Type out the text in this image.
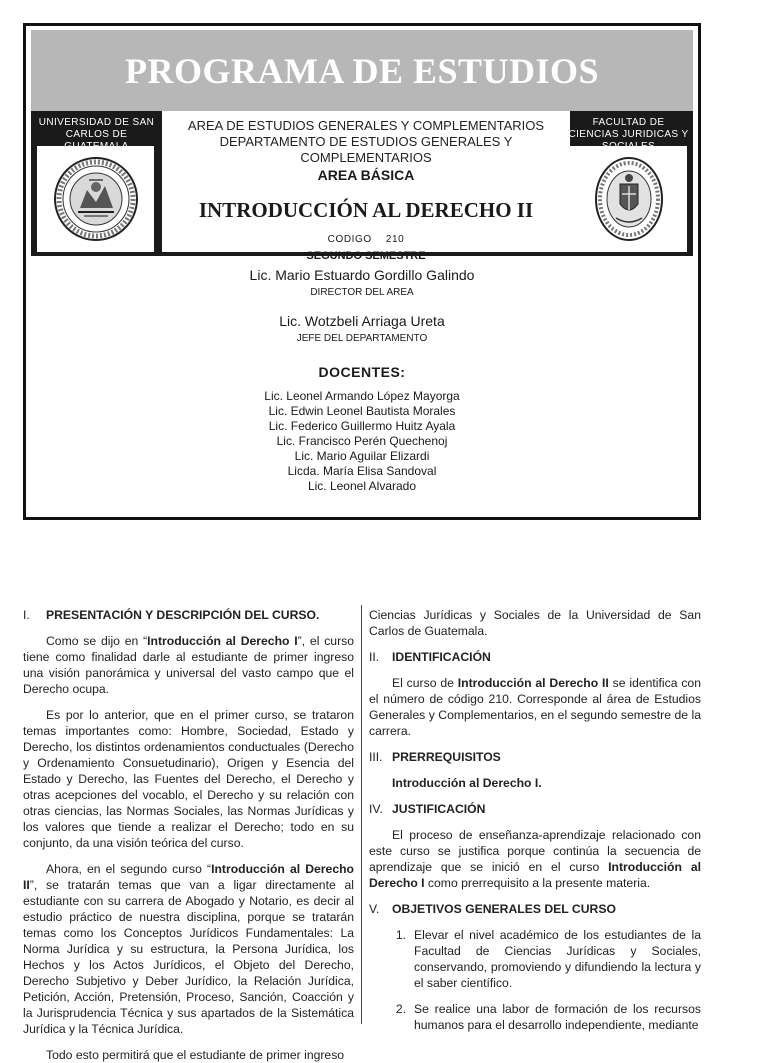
PROGRAMA DE ESTUDIOS
UNIVERSIDAD DE SAN CARLOS DE
AREA DE ESTUDIOS GENERALES Y COMPLEMENTARIOS
DEPARTAMENTO DE ESTUDIOS GENERALES Y COMPLEMENTARIOS
AREA BÁSICA
INTRODUCCIÓN AL DERECHO II
CODIGO 210
SEGUNDO SEMESTRE
FACULTAD DE CIENCIAS JURIDICAS Y
Lic. Mario Estuardo Gordillo Galindo
DIRECTOR DEL AREA
Lic. Wotzbeli Arriaga Ureta
JEFE DEL DEPARTAMENTO
DOCENTES:
Lic. Leonel Armando López Mayorga
Lic. Edwin Leonel Bautista Morales
Lic. Federico Guillermo Huitz Ayala
Lic. Francisco Perén Quechenoj
Lic. Mario Aguilar Elizardi
Licda. María Elisa Sandoval
Lic. Leonel Alvarado
I.	PRESENTACIÓN Y DESCRIPCIÓN DEL CURSO.

Como se dijo en “Introducción al Derecho I”, el curso tiene como finalidad darle al estudiante de primer ingreso una visión panorámica y universal del vasto campo que el Derecho ocupa.

Es por lo anterior, que en el primer curso, se trataron temas importantes como: Hombre, Sociedad, Estado y Derecho, los distintos ordenamientos conductuales (Derecho y Ordenamiento Consuetudinario), Origen y Esencia del Estado y Derecho, las Fuentes del Derecho, el Derecho y otras acepciones del vocablo, el Derecho y su relación con otras ciencias, las Normas Sociales, las Normas Jurídicas y los valores que tiende a realizar el Derecho; todo en su conjunto, da una visión teórica del curso.

Ahora, en el segundo curso “Introducción al Derecho II”, se tratarán temas que van a ligar directamente al estudiante con su carrera de Abogado y Notario, es decir al estudio práctico de nuestra disciplina, porque se tratarán temas como los Conceptos Jurídicos Fundamentales: La Norma Jurídica y su estructura, la Persona Jurídica, los Hechos y los Actos Jurídicos, el Objeto del Derecho, Derecho Subjetivo y Deber Jurídico, la Relación Jurídica, Petición, Acción, Pretensión, Proceso, Sanción, Coacción y la Jurisprudencia Técnica y sus apartados de la Sistemática Jurídica y la Técnica Jurídica.

Todo esto permitirá que el estudiante de primer ingreso

Ciencias Jurídicas y Sociales de la Universidad de San Carlos de Guatemala.

II.	IDENTIFICACIÓN

El curso de Introducción al Derecho II se identifica con el número de código 210. Corresponde al área de Estudios Generales y Complementarios, en el segundo semestre de la carrera.

III. PRERREQUISITOS

Introducción al Derecho I.

IV. JUSTIFICACIÓN

El proceso de enseñanza-aprendizaje relacionado con este curso se justifica porque continúa la secuencia de aprendizaje que se inició en el curso Introducción al Derecho I como prerrequisito a la presente materia.

V.	OBJETIVOS GENERALES DEL CURSO
1. Elevar el nivel académico de los estudiantes de la Facultad de Ciencias Jurídicas y Sociales, conservando, promoviendo y difundiendo la lectura y el saber científico.
2. Se realice una labor de formación de los recursos humanos para el desarrollo independiente, mediante
